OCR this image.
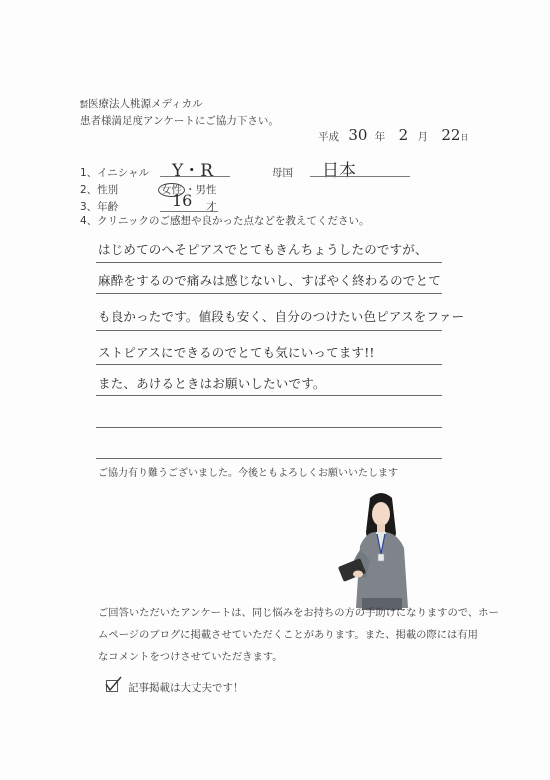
㍿医療法人桃源メディカル
患者様満足度アンケートにご協力下さい。
平成 30 年 2 月 22日
1、イニシャル Y・R	母国 日本
2、性別	女性 ・男性
3、年齢	16 才
4、クリニックのご感想や良かった点などを教えてください。
はじめてのへそピアスでとてもきんちょうしたのですが、
麻酔をするので痛みは感じないし、すばやく終わるのでとて
も良かったです。値段も安く、自分のつけたい色ピアスをファー
ストピアスにできるのでとても気にいってます!!
また、あけるときはお願いしたいです。
ご協力有り難うございました。今後ともよろしくお願いいたします
ご回答いただいたアンケートは、同じ悩みをお持ちの方の手助けになりますので、ホー
ムページのブログに掲載させていただくことがあります。また、掲載の際には有用
なコメントをつけさせていただきます。
記事掲載は大丈夫です！
